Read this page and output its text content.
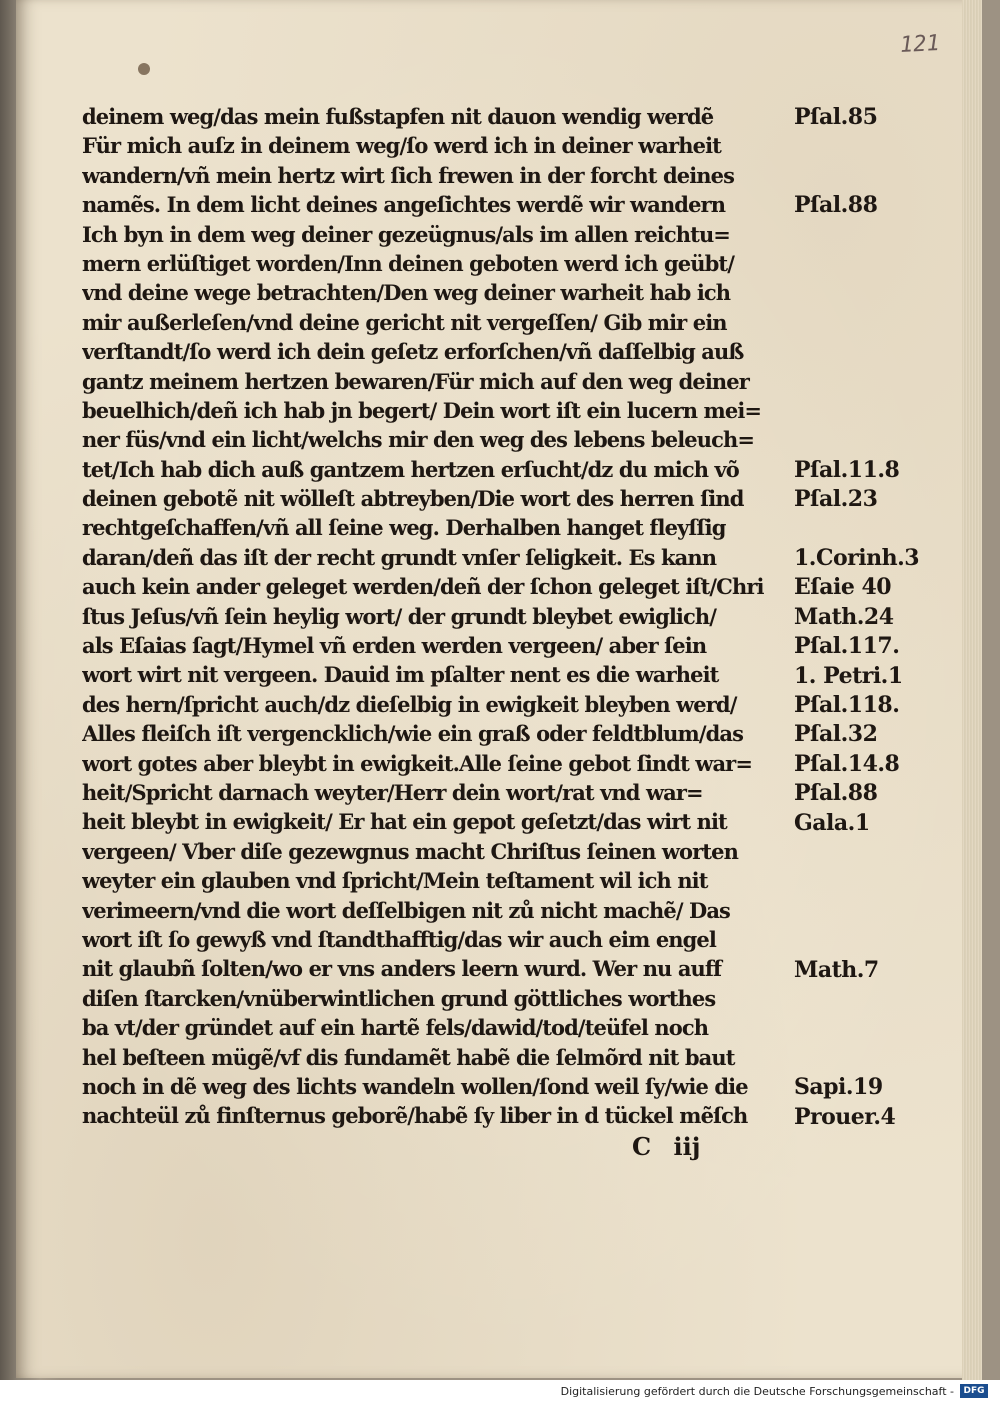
121

deinem weg/das mein fußstapfen nit dauon wendig werdẽ
Für mich auſz in deinem weg/ſo werd ich in deiner warheit
wandern/vñ mein hertz wirt ſich frewen in der forcht deines
namẽs. In dem licht deines angeſichtes werdẽ wir wandern
Ich byn in dem weg deiner gezeügnus/als im allen reichtu=
mern erlüſtiget worden/Inn deinen geboten werd ich geübt/
vnd deine wege betrachten/Den weg deiner warheit hab ich
mir außerleſen/vnd deine gericht nit vergeſſen/ Gib mir ein
verſtandt/ſo werd ich dein geſetz erforſchen/vñ daſſelbig auß
gantz meinem hertzen bewaren/Für mich auf den weg deiner
beuelhich/deñ ich hab jn begert/ Dein wort iſt ein lucern mei=
ner füs/vnd ein licht/welchs mir den weg des lebens beleuch=
tet/Ich hab dich auß gantzem hertzen erſucht/dz du mich võ
deinen gebotẽ nit wölleſt abtreyben/Die wort des herren ſind
rechtgeſchaffen/vñ all ſeine weg. Derhalben hanget fleyſſig
daran/deñ das iſt der recht grundt vnſer ſeligkeit. Es kann
auch kein ander geleget werden/deñ der ſchon geleget iſt/Chri
ſtus Jeſus/vñ ſein heylig wort/ der grundt bleybet ewiglich/
als Eſaias ſagt/Hymel vñ erden werden vergeen/ aber ſein
wort wirt nit vergeen. Dauid im pſalter nent es die warheit
des hern/ſpricht auch/dz dieſelbig in ewigkeit bleyben werd/
Alles fleiſch iſt vergencklich/wie ein graß oder feldtblum/das
wort gotes aber bleybt in ewigkeit.Alle ſeine gebot ſindt war=
heit/Spricht darnach weyter/Herr dein wort/rat vnd war=
heit bleybt in ewigkeit/ Er hat ein gepot geſetzt/das wirt nit
vergeen/ Vber diſe gezewgnus macht Chriſtus ſeinen worten
weyter ein glauben vnd ſpricht/Mein teſtament wil ich nit
verimeern/vnd die wort deſſelbigen nit zů nicht machẽ/ Das
wort iſt ſo gewyß vnd ſtandthafftig/das wir auch eim engel
nit glaubñ ſolten/wo er vns anders leern wurd. Wer nu auff
diſen ſtarcken/vnüberwintlichen grund göttliches worthes
ba vt/der gründet auf ein hartẽ fels/dawid/tod/teüfel noch
hel beſteen mügẽ/vf dis fundamẽt habẽ die ſelmõrd nit baut
noch in dẽ weg des lichts wandeln wollen/ſond weil ſy/wie die
nachteül zů finſternus geborẽ/habẽ ſy liber in d tückel mẽſch
Pſal.85
Pſal.88
Pſal.11.8
Pſal.23
1.Corinh.3
Eſaie 40
Math.24
Pſal.117.
1. Petri.1
Pſal.118.
Pſal.32
Pſal.14.8
Pſal.88
Gala.1
Math.7
Sapi.19
Prouer.4

C iij

Digitalisierung gefördert durch die Deutsche Forschungsgemeinschaft -	DFG
